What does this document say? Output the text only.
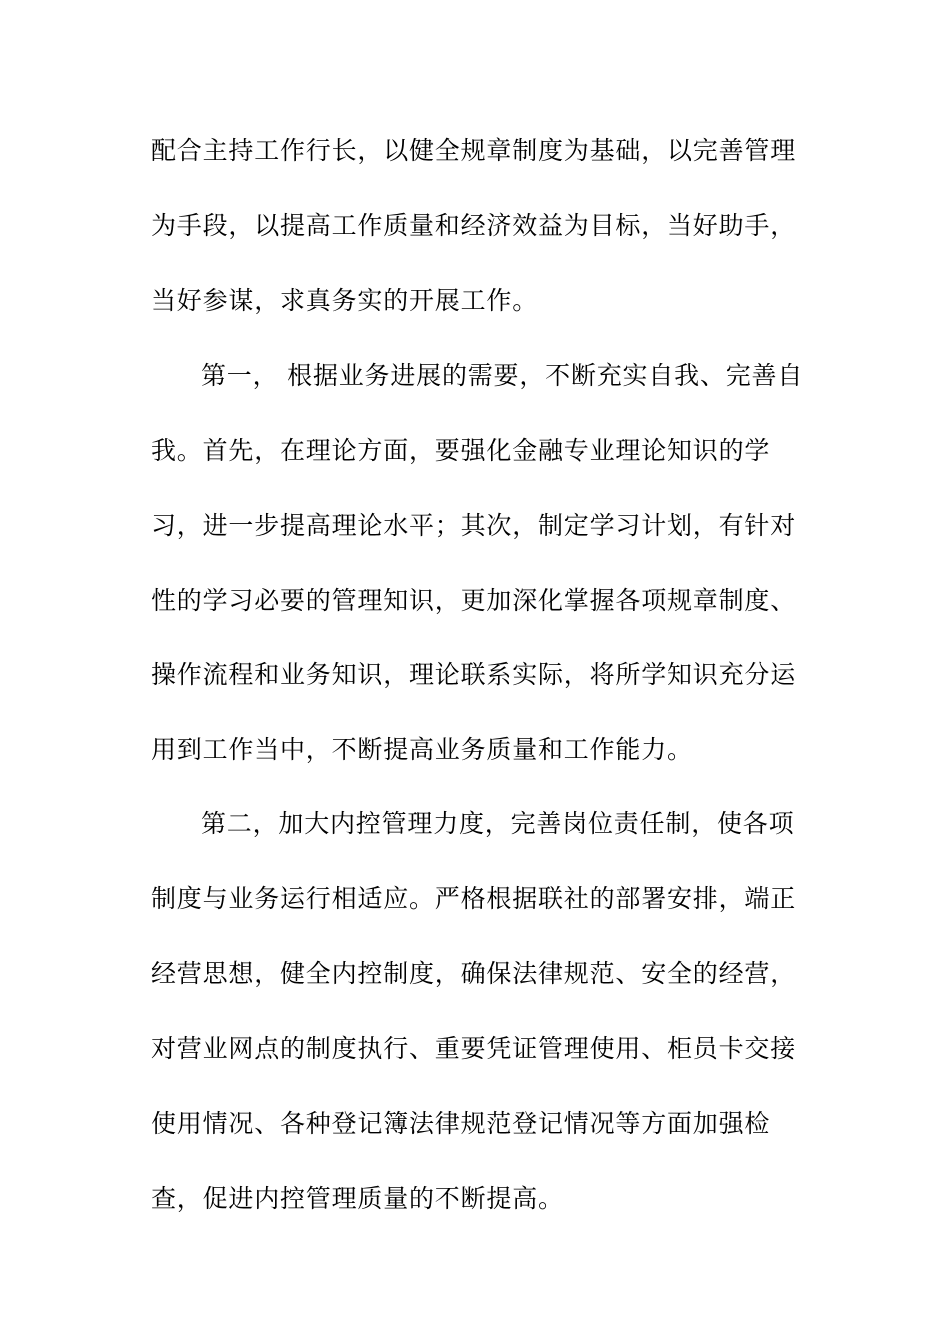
配合主持工作行长，以健全规章制度为基础，以完善管理
为手段，以提高工作质量和经济效益为目标，当好助手，
当好参谋，求真务实的开展工作。
第一， 根据业务进展的需要，不断充实自我、完善自
我。首先，在理论方面，要强化金融专业理论知识的学
习，进一步提高理论水平；其次，制定学习计划，有针对
性的学习必要的管理知识，更加深化掌握各项规章制度、
操作流程和业务知识，理论联系实际，将所学知识充分运
用到工作当中，不断提高业务质量和工作能力。
第二，加大内控管理力度，完善岗位责任制，使各项
制度与业务运行相适应。严格根据联社的部署安排，端正
经营思想，健全内控制度，确保法律规范、安全的经营，
对营业网点的制度执行、重要凭证管理使用、柜员卡交接
使用情况、各种登记簿法律规范登记情况等方面加强检
查，促进内控管理质量的不断提高。
